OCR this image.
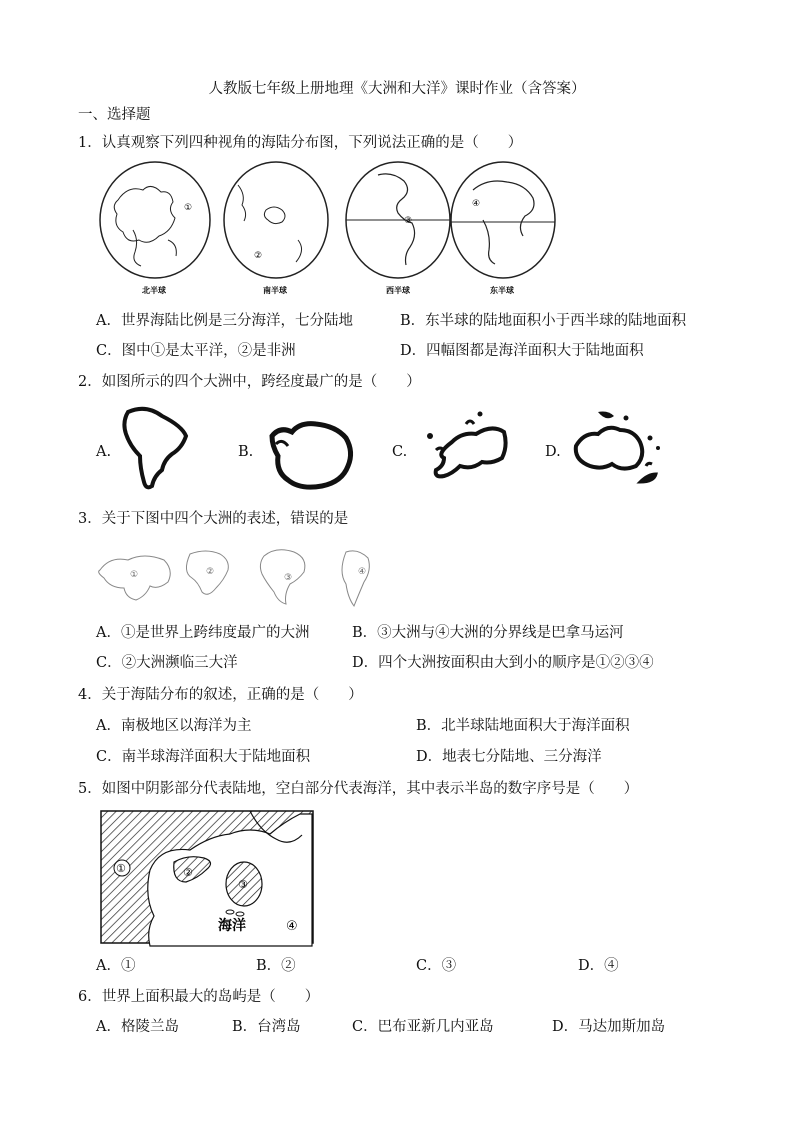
人教版七年级上册地理《大洲和大洋》课时作业（含答案）
一、选择题
1．认真观察下列四种视角的海陆分布图，下列说法正确的是（　　）
①
北半球
②
南半球
③
西半球
④
东半球
A．世界海陆比例是三分海洋，七分陆地	B．东半球的陆地面积小于西半球的陆地面积
C．图中①是太平洋，②是非洲	D．四幅图都是海洋面积大于陆地面积
2．如图所示的四个大洲中，跨经度最广的是（　　）
A.	B.	C.	D.
3．关于下图中四个大洲的表述，错误的是
①	②
③
④
A．①是世界上跨纬度最广的大洲	B．③大洲与④大洲的分界线是巴拿马运河
C．②大洲濒临三大洋	D．四个大洲按面积由大到小的顺序是①②③④
4．关于海陆分布的叙述，正确的是（　　）
A．南极地区以海洋为主	B．北半球陆地面积大于海洋面积
C．南半球海洋面积大于陆地面积	D．地表七分陆地、三分海洋
5．如图中阴影部分代表陆地，空白部分代表海洋，其中表示半岛的数字序号是（　　）
①	②
③
海洋	④
A．①	B．②	C．③	D．④
6．世界上面积最大的岛屿是（　　）
A．格陵兰岛	B．台湾岛	C．巴布亚新几内亚岛	D．马达加斯加岛
